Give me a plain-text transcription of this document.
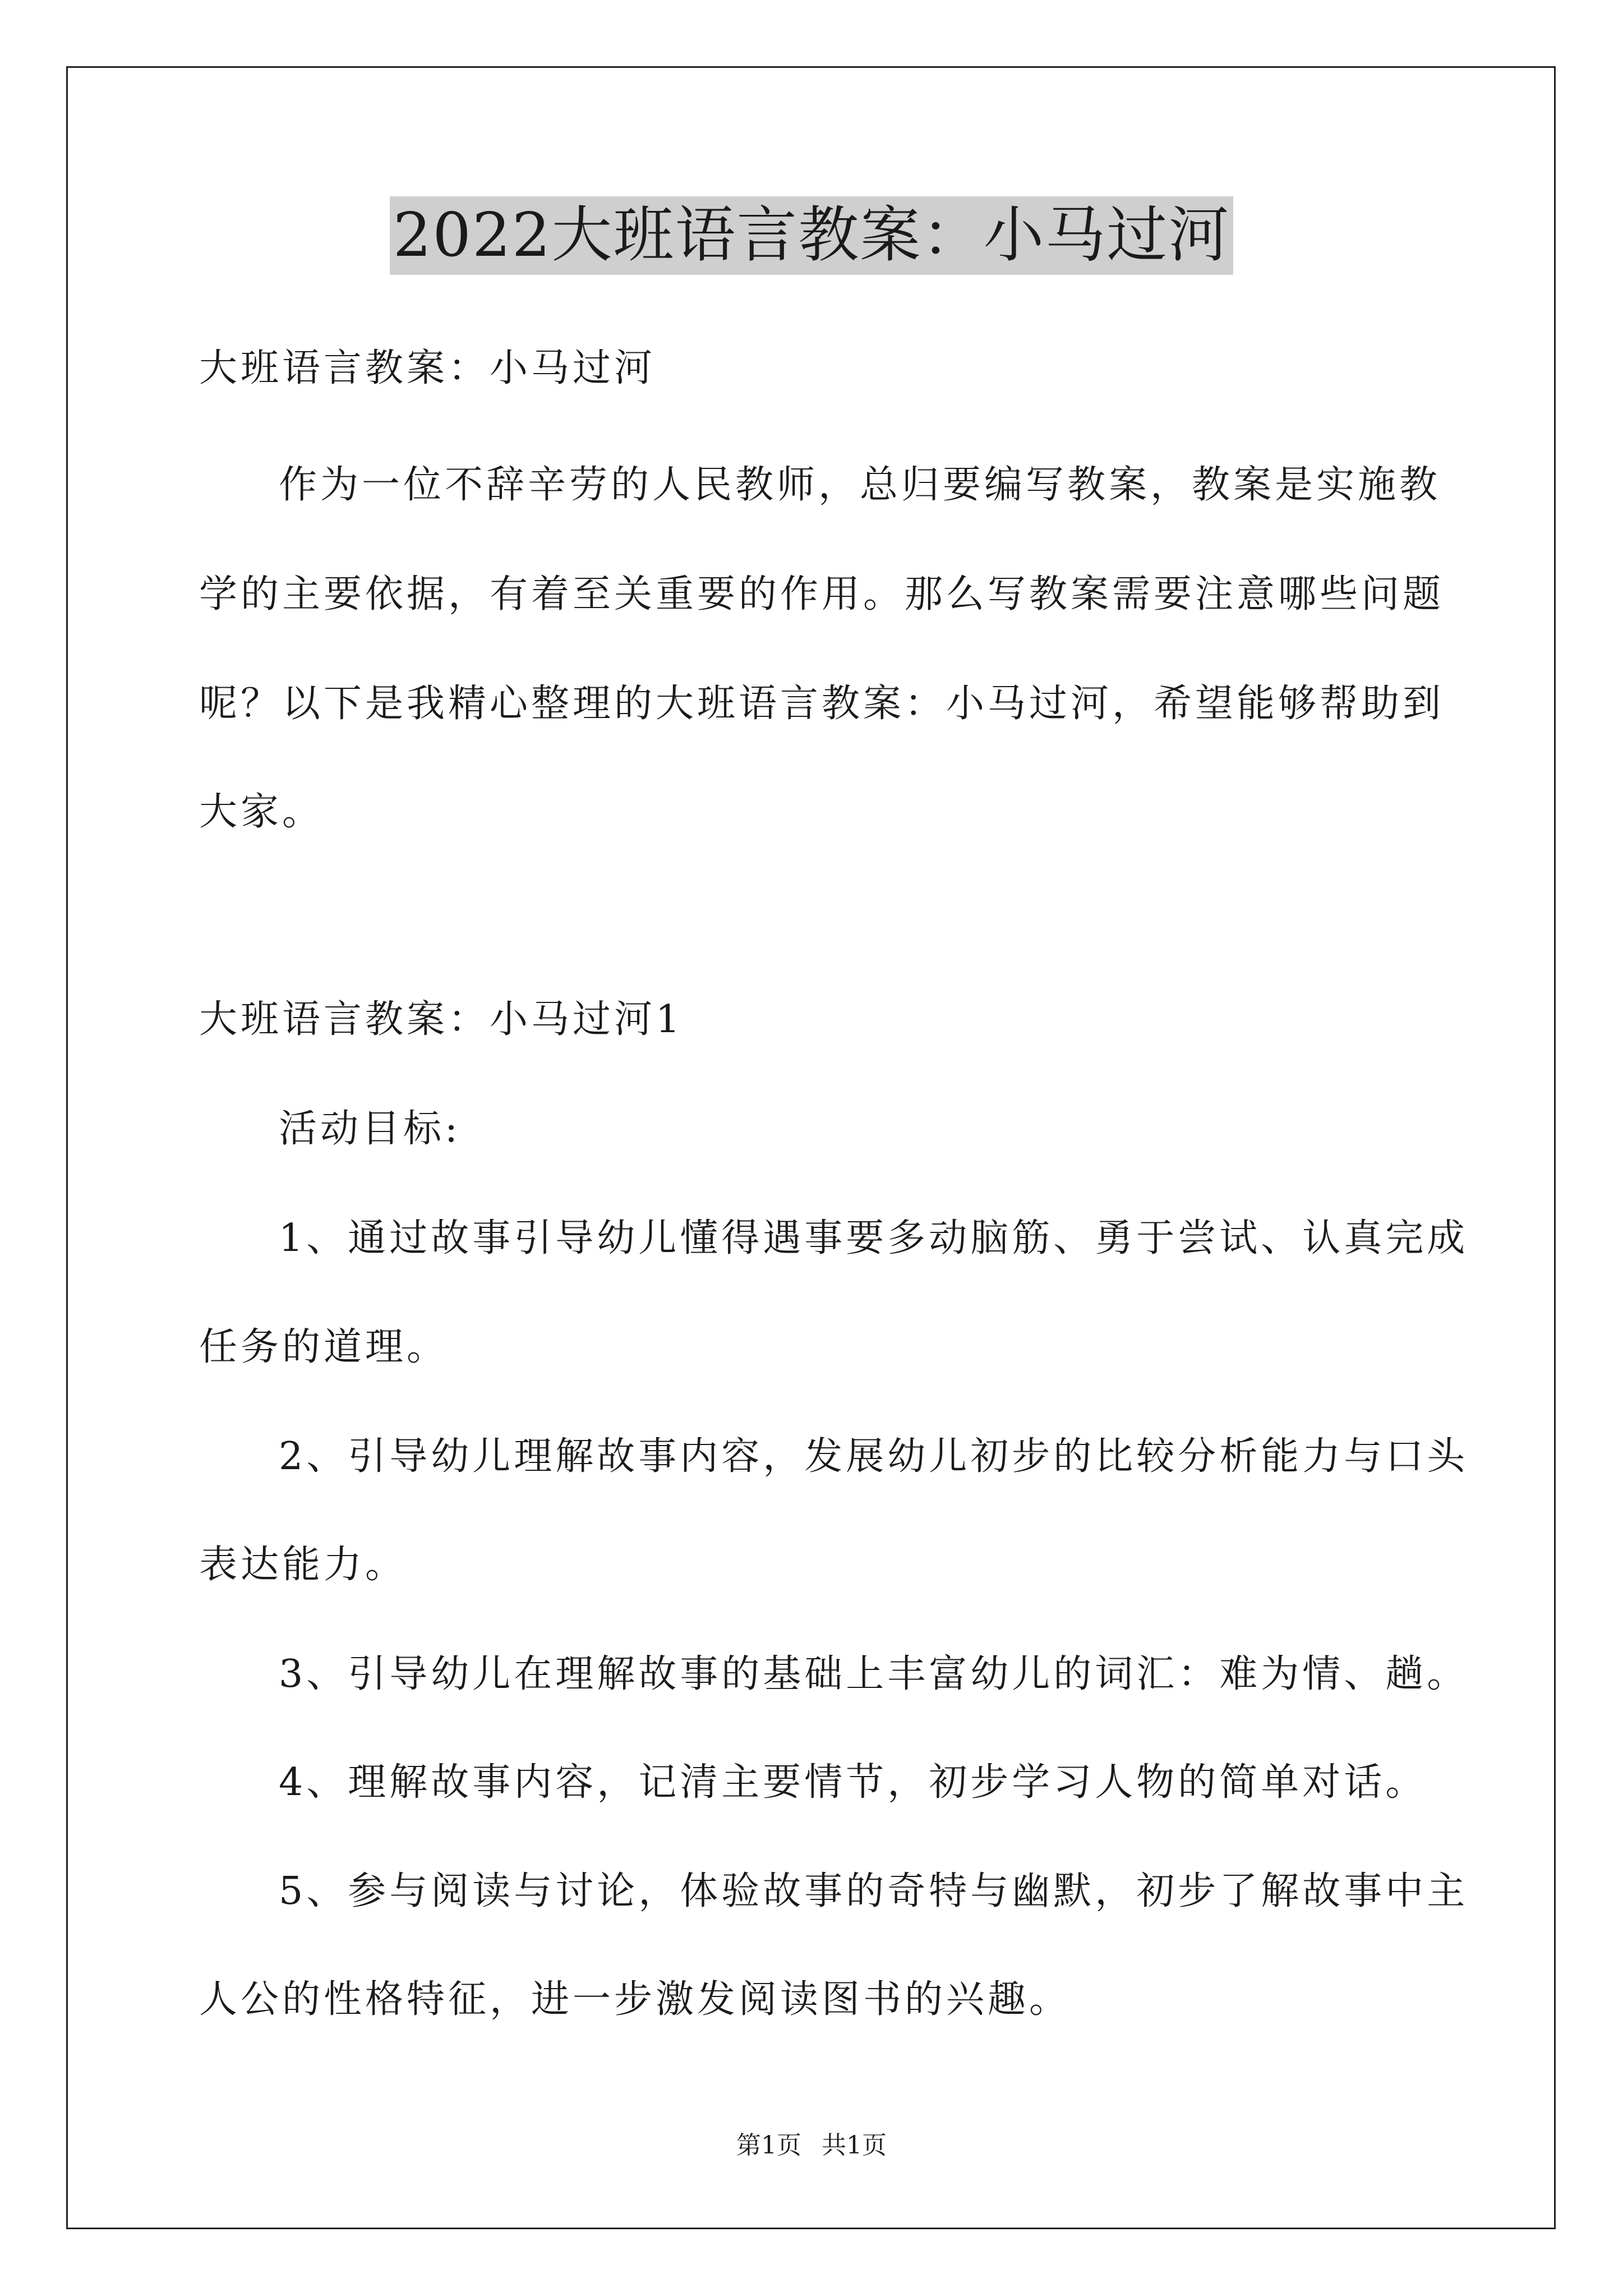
2022大班语言教案：小马过河
大班语言教案：小马过河
作为一位不辞辛劳的人民教师，总归要编写教案，教案是实施教
学的主要依据，有着至关重要的作用。那么写教案需要注意哪些问题
呢？以下是我精心整理的大班语言教案：小马过河，希望能够帮助到
大家。
大班语言教案：小马过河1
活动目标:
1、通过故事引导幼儿懂得遇事要多动脑筋、勇于尝试、认真完成
任务的道理。
2、引导幼儿理解故事内容，发展幼儿初步的比较分析能力与口头
表达能力。
3、引导幼儿在理解故事的基础上丰富幼儿的词汇：难为情、趟。
4、理解故事内容，记清主要情节，初步学习人物的简单对话。
5、参与阅读与讨论，体验故事的奇特与幽默，初步了解故事中主
人公的性格特征，进一步激发阅读图书的兴趣。
第1页 共1页
